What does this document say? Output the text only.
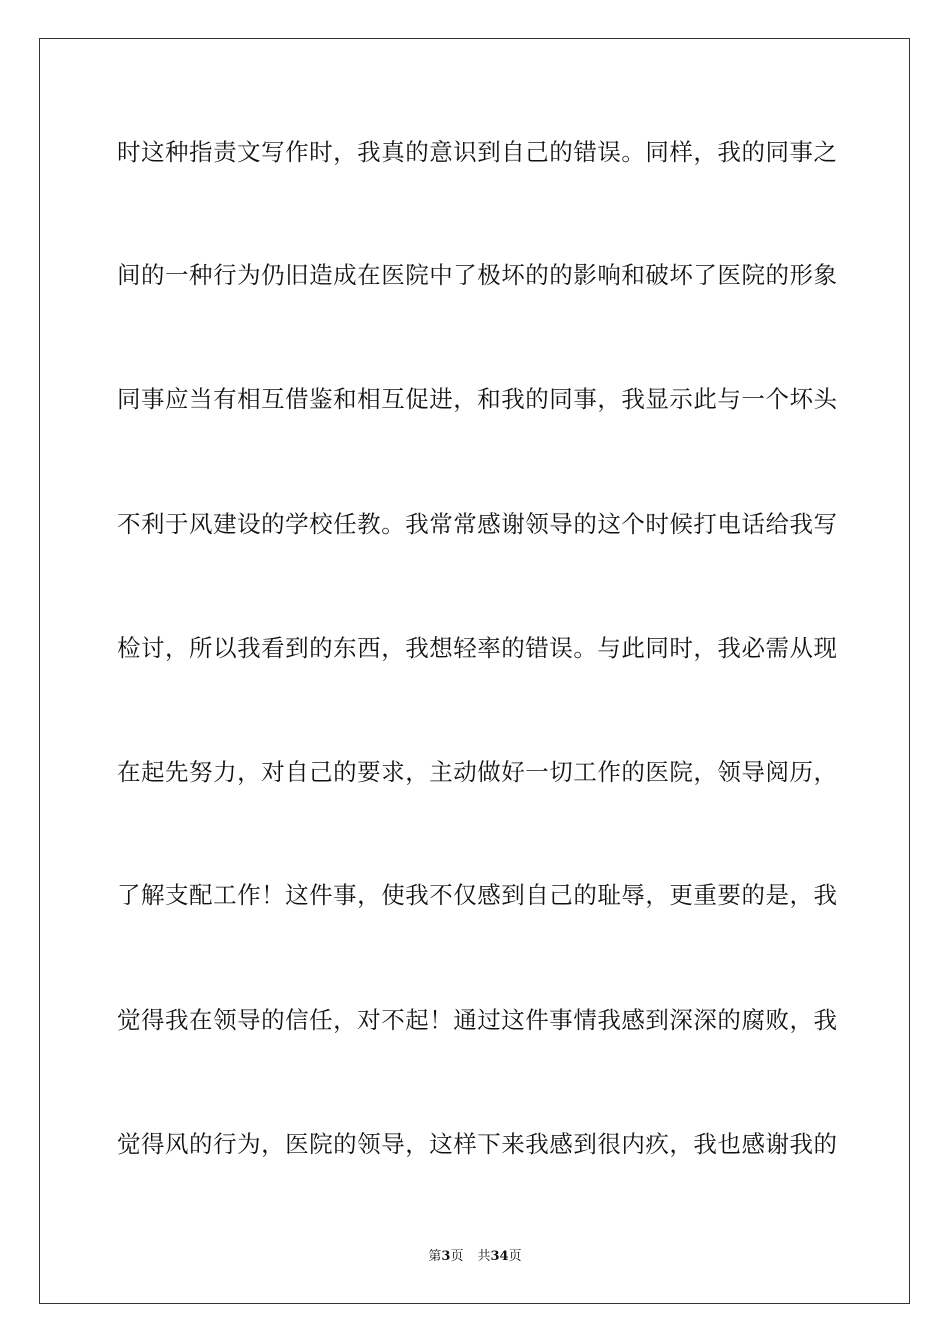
时这种指责文写作时，我真的意识到自己的错误。同样，我的同事之
间的一种行为仍旧造成在医院中了极坏的的影响和破坏了医院的形象
同事应当有相互借鉴和相互促进，和我的同事，我显示此与一个坏头
不利于风建设的学校任教。我常常感谢领导的这个时候打电话给我写
检讨，所以我看到的东西，我想轻率的错误。与此同时，我必需从现
在起先努力，对自己的要求，主动做好一切工作的医院，领导阅历，
了解支配工作！这件事，使我不仅感到自己的耻辱，更重要的是，我
觉得我在领导的信任，对不起！通过这件事情我感到深深的腐败，我
觉得风的行为，医院的领导，这样下来我感到很内疚，我也感谢我的
第3页 共34页
